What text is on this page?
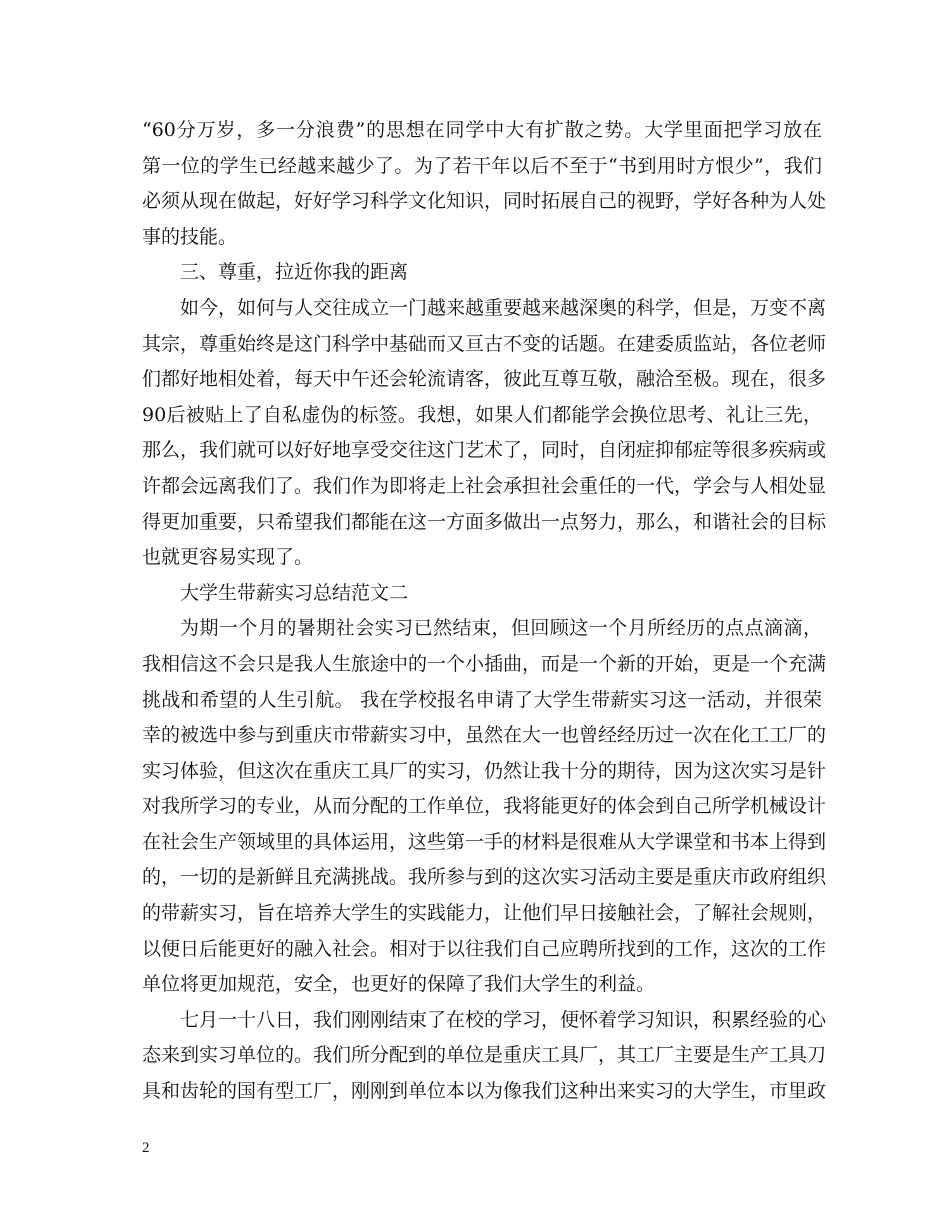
“60分万岁，多一分浪费”的思想在同学中大有扩散之势。大学里面把学习放在
第一位的学生已经越来越少了。为了若干年以后不至于“书到用时方恨少”，我们
必须从现在做起，好好学习科学文化知识，同时拓展自己的视野，学好各种为人处
事的技能。
三、尊重，拉近你我的距离
如今，如何与人交往成立一门越来越重要越来越深奥的科学，但是，万变不离
其宗，尊重始终是这门科学中基础而又亘古不变的话题。在建委质监站，各位老师
们都好地相处着，每天中午还会轮流请客，彼此互尊互敬，融洽至极。现在，很多
90后被贴上了自私虚伪的标签。我想，如果人们都能学会换位思考、礼让三先，
那么，我们就可以好好地享受交往这门艺术了，同时，自闭症抑郁症等很多疾病或
许都会远离我们了。我们作为即将走上社会承担社会重任的一代，学会与人相处显
得更加重要，只希望我们都能在这一方面多做出一点努力，那么，和谐社会的目标
也就更容易实现了。
大学生带薪实习总结范文二
为期一个月的暑期社会实习已然结束，但回顾这一个月所经历的点点滴滴，
我相信这不会只是我人生旅途中的一个小插曲，而是一个新的开始，更是一个充满
挑战和希望的人生引航。 我在学校报名申请了大学生带薪实习这一活动，并很荣
幸的被选中参与到重庆市带薪实习中，虽然在大一也曾经经历过一次在化工工厂的
实习体验，但这次在重庆工具厂的实习，仍然让我十分的期待，因为这次实习是针
对我所学习的专业，从而分配的工作单位，我将能更好的体会到自己所学机械设计
在社会生产领域里的具体运用，这些第一手的材料是很难从大学课堂和书本上得到
的，一切的是新鲜且充满挑战。我所参与到的这次实习活动主要是重庆市政府组织
的带薪实习，旨在培养大学生的实践能力，让他们早日接触社会，了解社会规则，
以便日后能更好的融入社会。相对于以往我们自己应聘所找到的工作，这次的工作
单位将更加规范，安全，也更好的保障了我们大学生的利益。
七月一十八日，我们刚刚结束了在校的学习，便怀着学习知识，积累经验的心
态来到实习单位的。我们所分配到的单位是重庆工具厂，其工厂主要是生产工具刀
具和齿轮的国有型工厂，刚刚到单位本以为像我们这种出来实习的大学生，市里政
2
